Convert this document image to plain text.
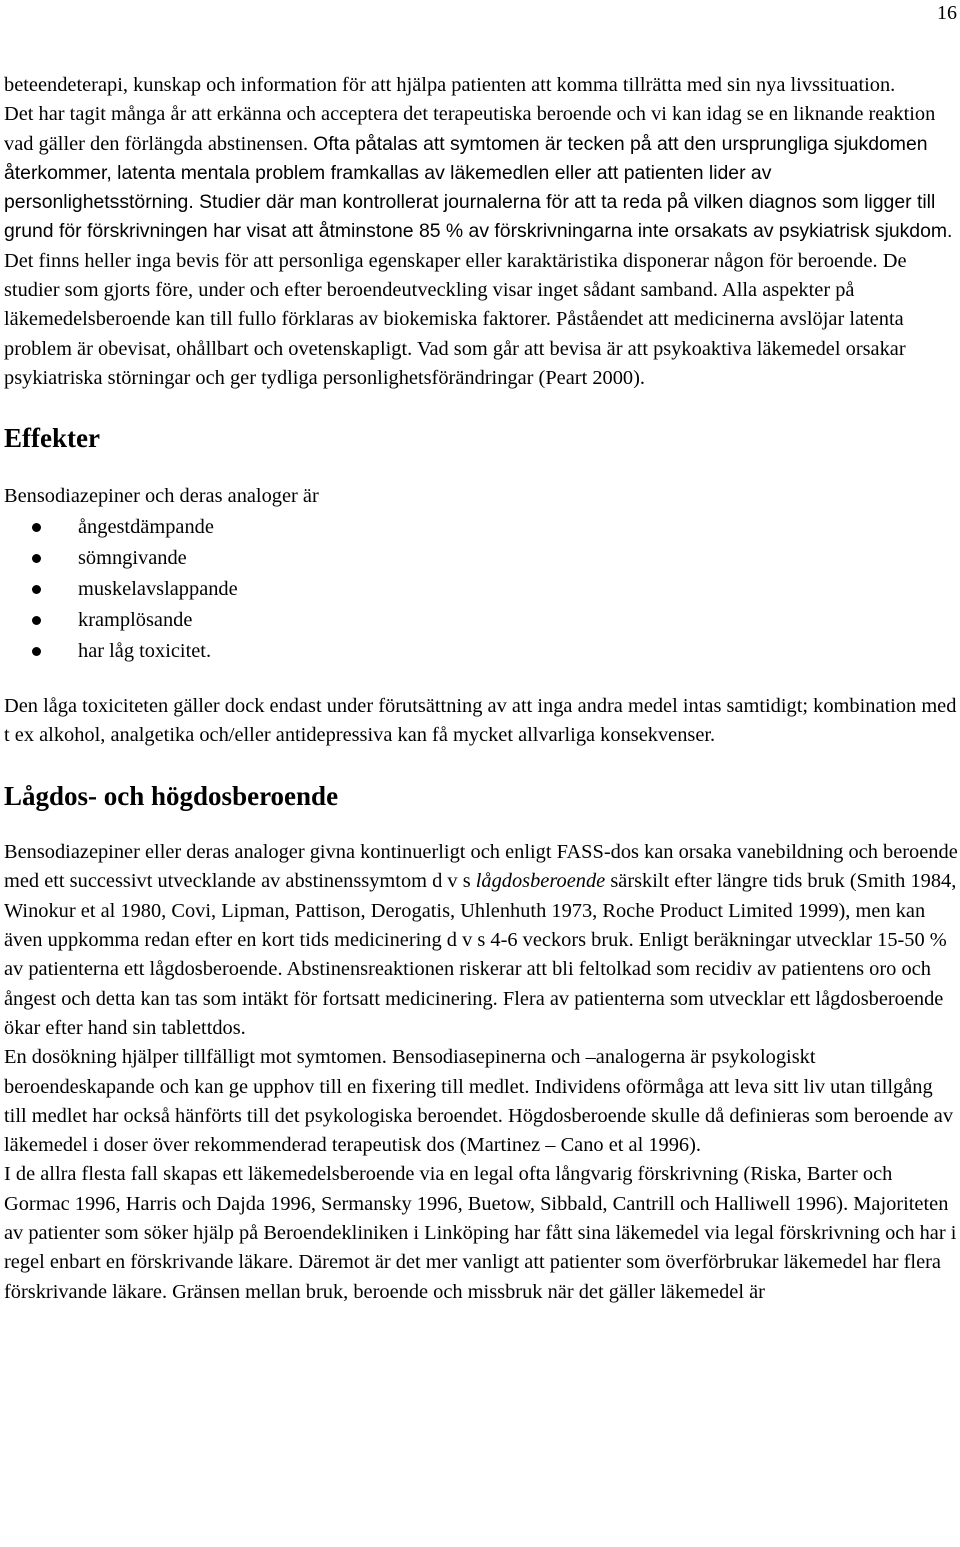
16

beteendeterapi, kunskap och information för att hjälpa patienten att komma tillrätta med sin nya livssituation.

Det har tagit många år att erkänna och acceptera det terapeutiska beroende och vi kan idag se en liknande reaktion vad gäller den förlängda abstinensen. Ofta påtalas att symtomen är tecken på att den ursprungliga sjukdomen återkommer, latenta mentala problem framkallas av läkemedlen eller att patienten lider av personlighetsstörning. Studier där man kontrollerat journalerna för att ta reda på vilken diagnos som ligger till grund för förskrivningen har visat att åtminstone 85 % av förskrivningarna inte orsakats av psykiatrisk sjukdom. Det finns heller inga bevis för att personliga egenskaper eller karaktäristika disponerar någon för beroende. De studier som gjorts före, under och efter beroendeutveckling visar inget sådant samband. Alla aspekter på läkemedelsberoende kan till fullo förklaras av biokemiska faktorer. Påståendet att medicinerna avslöjar latenta problem är obevisat, ohållbart och ovetenskapligt. Vad som går att bevisa är att psykoaktiva läkemedel orsakar psykiatriska störningar och ger tydliga personlighetsförändringar (Peart 2000).

Effekter

Bensodiazepiner och deras analoger är

ångestdämpande
sömngivande
muskelavslappande
kramplösande
har låg toxicitet.

Den låga toxiciteten gäller dock endast under förutsättning av att inga andra medel intas samtidigt; kombination med t ex alkohol, analgetika och/eller antidepressiva kan få mycket allvarliga konsekvenser.

Lågdos- och högdosberoende

Bensodiazepiner eller deras analoger givna kontinuerligt och enligt FASS-dos kan orsaka vanebildning och beroende med ett successivt utvecklande av abstinenssymtom d v s lågdosberoende särskilt efter längre tids bruk (Smith 1984, Winokur et al 1980, Covi, Lipman, Pattison, Derogatis, Uhlenhuth 1973, Roche Product Limited 1999), men kan även uppkomma redan efter en kort tids medicinering d v s 4-6 veckors bruk. Enligt beräkningar utvecklar 15-50 % av patienterna ett lågdosberoende. Abstinensreaktionen riskerar att bli feltolkad som recidiv av patientens oro och ångest och detta kan tas som intäkt för fortsatt medicinering. Flera av patienterna som utvecklar ett lågdosberoende ökar efter hand sin tablettdos.

En dosökning hjälper tillfälligt mot symtomen. Bensodiasepinerna och –analogerna är psykologiskt beroendeskapande och kan ge upphov till en fixering till medlet. Individens oförmåga att leva sitt liv utan tillgång till medlet har också hänförts till det psykologiska beroendet. Högdosberoende skulle då definieras som beroende av läkemedel i doser över rekommenderad terapeutisk dos (Martinez – Cano et al 1996).

I de allra flesta fall skapas ett läkemedelsberoende via en legal ofta långvarig förskrivning (Riska, Barter och Gormac 1996, Harris och Dajda 1996, Sermansky 1996, Buetow, Sibbald, Cantrill och Halliwell 1996). Majoriteten av patienter som söker hjälp på Beroendekliniken i Linköping har fått sina läkemedel via legal förskrivning och har i regel enbart en förskrivande läkare. Däremot är det mer vanligt att patienter som överförbrukar läkemedel har flera förskrivande läkare. Gränsen mellan bruk, beroende och missbruk när det gäller läkemedel är
